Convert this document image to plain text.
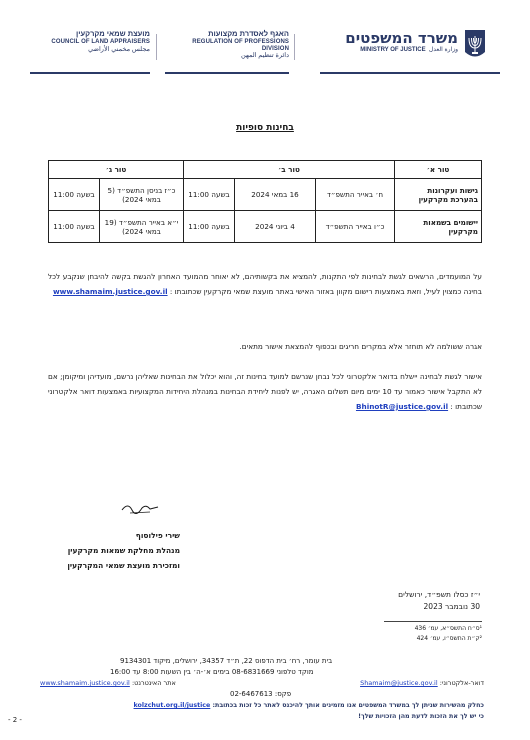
משרד המשפטים
MINISTRY OF JUSTICE وزارة العدل
האגף לאסדרת מקצועות
REGULATION OF PROFESSIONS DIVISION
دائرة تنظيم المهن
מועצת שמאי מקרקעין
COUNCIL OF LAND APPRAISERS
مجلس مخمني الأراضي
בחינות סופיות
טור א׳	טור ב׳			טור ג׳	
גישות ועקרונות בהערכת מקרקעין	ח׳ באייר התשפ״ד	16 במאי 2024	בשעה 11:00	כ״ז בניסן התשפ״ד (5 במאי 2024)	בשעה 11:00
יישומים בשמאות מקרקעין	כ״ו באייר התשפ״ד	4 ביוני 2024	בשעה 11:00	י״א באייר התשפ״ד (19 במאי 2024)	בשעה 11:00

על המועמדים, הרשאים לגשת לבחינות לפי התקנות, להמציא את בקשותיהם, לא יאוחר מהמועד האחרון להגשת בקשה להיבחן שנקבע לכל בחינה כמצוין לעיל, וזאת באמצעות רישום מקוון באזור האישי באתר מועצת שמאי מקרקעין שכתובתו : www.shamaim.justice.gov.il

אגרה ששולמה לא תוחזר אלא במקרים חריגים ובכפוף להמצאת אישור מתאים.

אישור לגשת לבחינה יישלח בדואר אלקטרוני לכל נבחן שנרשם למועד בחינות זה, והוא יכלול את הבחינות שאליהן נרשם, מועדיהן ומיקומן; אם לא התקבל אישור כאמור עד 10 ימים מיום תשלום האגרה, יש לפנות ליחידת הבחינות במנהלת היחידות המקצועיות באמצעות דואר אלקטרוני שכתובתו : BhinotR@justice.gov.il

שירי פילוסוף
מנהלת מחלקת שמאות מקרקעין
ומזכירת מועצת שמאי המקרקעין
י״ז כסלו תשפ״ד, ירושלים
30 נובמבר 2023
¹ס״ח התשס״א, עמ׳ 436
²ק״ת התשס״ו, עמ׳ 424
בית עומר, רח׳ בית הדפוס 22, ת״ד 34357, ירושלים, מיקוד 9134301
מוקד טלפוני 08-6831669 בימים א׳-ה׳ בין השעות 8:00 עד 16:00
דואר-אלקטרוני: Shamaim@justice.gov.il
אתר האינטרנט: www.shamaim.justice.gov.il
פקס: 02-6467613
כחלק מהשירות שניתן לך במשרד המשפטים אנו מזמינים אותך להיכנס לאתר כל זכות בכתובת: kolzchut.org.il/justice
כי יש לך את הזכות לדעת מהן הזכויות שלך!
- 2 -
